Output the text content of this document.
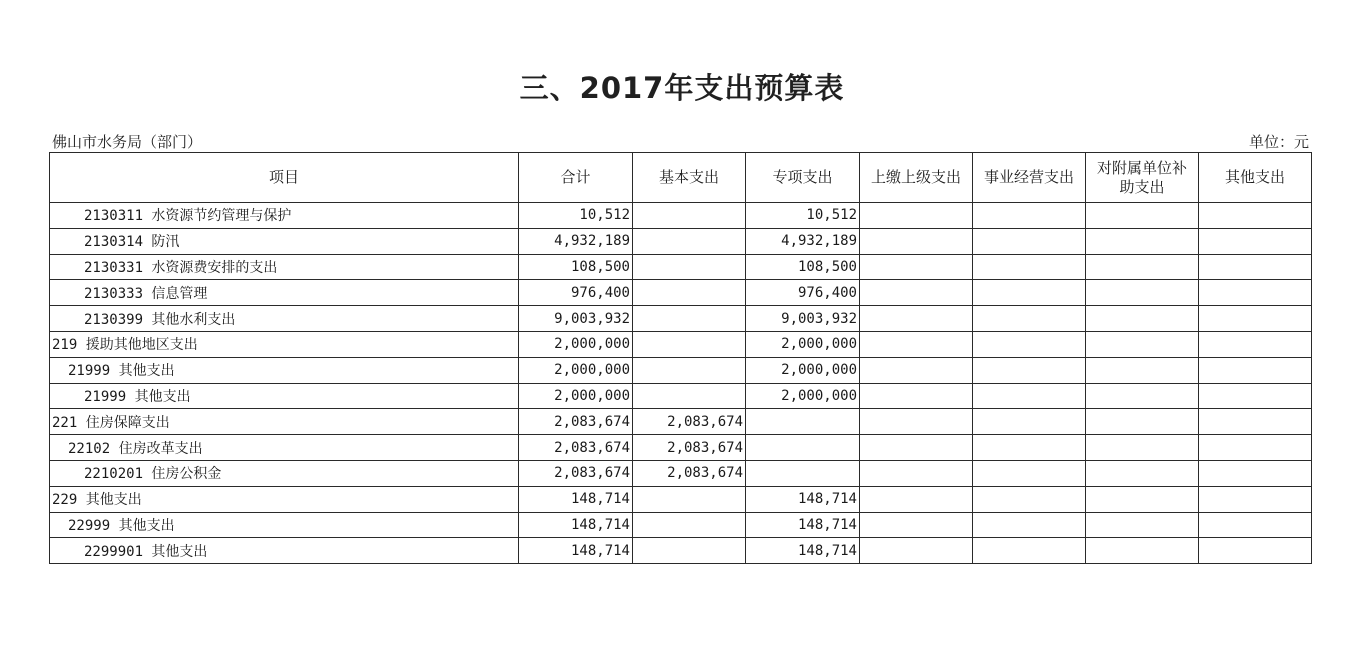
三、2017年支出预算表
佛山市水务局（部门）	单位：元
项目	合计	基本支出	专项支出	上缴上级支出	事业经营支出	对附属单位补助支出	其他支出
2130311 水资源节约管理与保护	10,512		10,512				
2130314 防汛	4,932,189		4,932,189				
2130331 水资源费安排的支出	108,500		108,500				
2130333 信息管理	976,400		976,400				
2130399 其他水利支出	9,003,932		9,003,932				
219 援助其他地区支出	2,000,000		2,000,000				
21999 其他支出	2,000,000		2,000,000				
21999 其他支出	2,000,000		2,000,000				
221 住房保障支出	2,083,674	2,083,674					
22102 住房改革支出	2,083,674	2,083,674					
2210201 住房公积金	2,083,674	2,083,674					
229 其他支出	148,714		148,714				
22999 其他支出	148,714		148,714				
2299901 其他支出	148,714		148,714				
